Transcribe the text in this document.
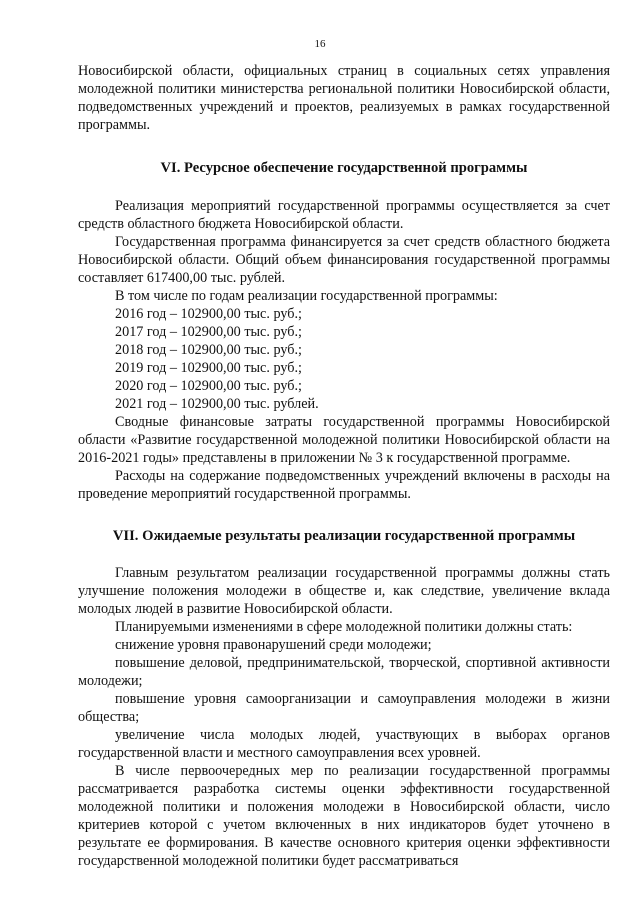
16

Новосибирской области, официальных страниц в социальных сетях управления молодежной политики министерства региональной политики Новосибирской области, подведомственных учреждений и проектов, реализуемых в рамках государственной программы.

VI. Ресурсное обеспечение государственной программы

Реализация мероприятий государственной программы осуществляется за счет средств областного бюджета Новосибирской области.

Государственная программа финансируется за счет средств областного бюджета Новосибирской области. Общий объем финансирования государственной программы составляет 617400,00 тыс. рублей.

В том числе по годам реализации государственной программы:

2016 год – 102900,00 тыс. руб.;

2017 год – 102900,00 тыс. руб.;

2018 год – 102900,00 тыс. руб.;

2019 год – 102900,00 тыс. руб.;

2020 год – 102900,00 тыс. руб.;

2021 год – 102900,00 тыс. рублей.

Сводные финансовые затраты государственной программы Новосибирской области «Развитие государственной молодежной политики Новосибирской области на 2016-2021 годы» представлены в приложении № 3 к государственной программе.

Расходы на содержание подведомственных учреждений включены в расходы на проведение мероприятий государственной программы.

VII. Ожидаемые результаты реализации государственной программы

Главным результатом реализации государственной программы должны стать улучшение положения молодежи в обществе и, как следствие, увеличение вклада молодых людей в развитие Новосибирской области.

Планируемыми изменениями в сфере молодежной политики должны стать:

снижение уровня правонарушений среди молодежи;

повышение деловой, предпринимательской, творческой, спортивной активности молодежи;

повышение уровня самоорганизации и самоуправления молодежи в жизни общества;

увеличение числа молодых людей, участвующих в выборах органов государственной власти и местного самоуправления всех уровней.

В числе первоочередных мер по реализации государственной программы рассматривается разработка системы оценки эффективности государственной молодежной политики и положения молодежи в Новосибирской области, число критериев которой с учетом включенных в них индикаторов будет уточнено в результате ее формирования. В качестве основного критерия оценки эффективности государственной молодежной политики будет рассматриваться
